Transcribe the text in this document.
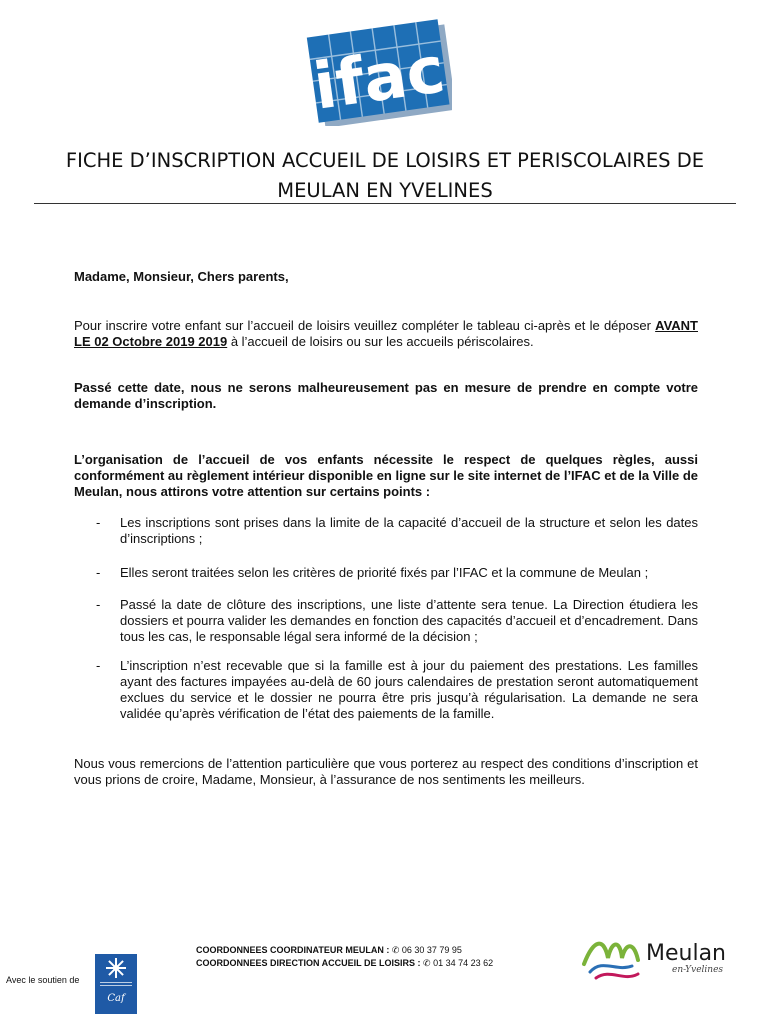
ifac
FICHE D’INSCRIPTION ACCUEIL DE LOISIRS ET PERISCOLAIRES DE
MEULAN EN YVELINES

Madame, Monsieur, Chers parents,

Pour inscrire votre enfant sur l’accueil de loisirs veuillez compléter le tableau ci-après et le déposer AVANT LE 02 Octobre 2019 2019 à l’accueil de loisirs ou sur les accueils périscolaires.

Passé cette date, nous ne serons malheureusement pas en mesure de prendre en compte votre demande d’inscription.

L’organisation de l’accueil de vos enfants nécessite le respect de quelques règles, aussi conformément au règlement intérieur disponible en ligne sur le site internet de l’IFAC et de la Ville de Meulan, nous attirons votre attention sur certains points :

- Les inscriptions sont prises dans la limite de la capacité d’accueil de la structure et selon les dates d’inscriptions ;
- Elles seront traitées selon les critères de priorité fixés par l’IFAC et la commune de Meulan ;
- Passé la date de clôture des inscriptions, une liste d’attente sera tenue. La Direction étudiera les dossiers et pourra valider les demandes en fonction des capacités d’accueil et d’encadrement. Dans tous les cas, le responsable légal sera informé de la décision ;
- L’inscription n’est recevable que si la famille est à jour du paiement des prestations. Les familles ayant des factures impayées au-delà de 60 jours calendaires de prestation seront automatiquement exclues du service et le dossier ne pourra être pris jusqu’à régularisation. La demande ne sera validée qu’après vérification de l’état des paiements de la famille.

Nous vous remercions de l’attention particulière que vous porterez au respect des conditions d’inscription et vous prions de croire, Madame, Monsieur, à l’assurance de nos sentiments les meilleurs.

COORDONNEES COORDINATEUR MEULAN : ✆ 06 30 37 79 95
COORDONNEES DIRECTION ACCUEIL DE LOISIRS : ✆ 01 34 74 23 62
Avec le soutien de
Caf
Meulan
en-Yvelines
